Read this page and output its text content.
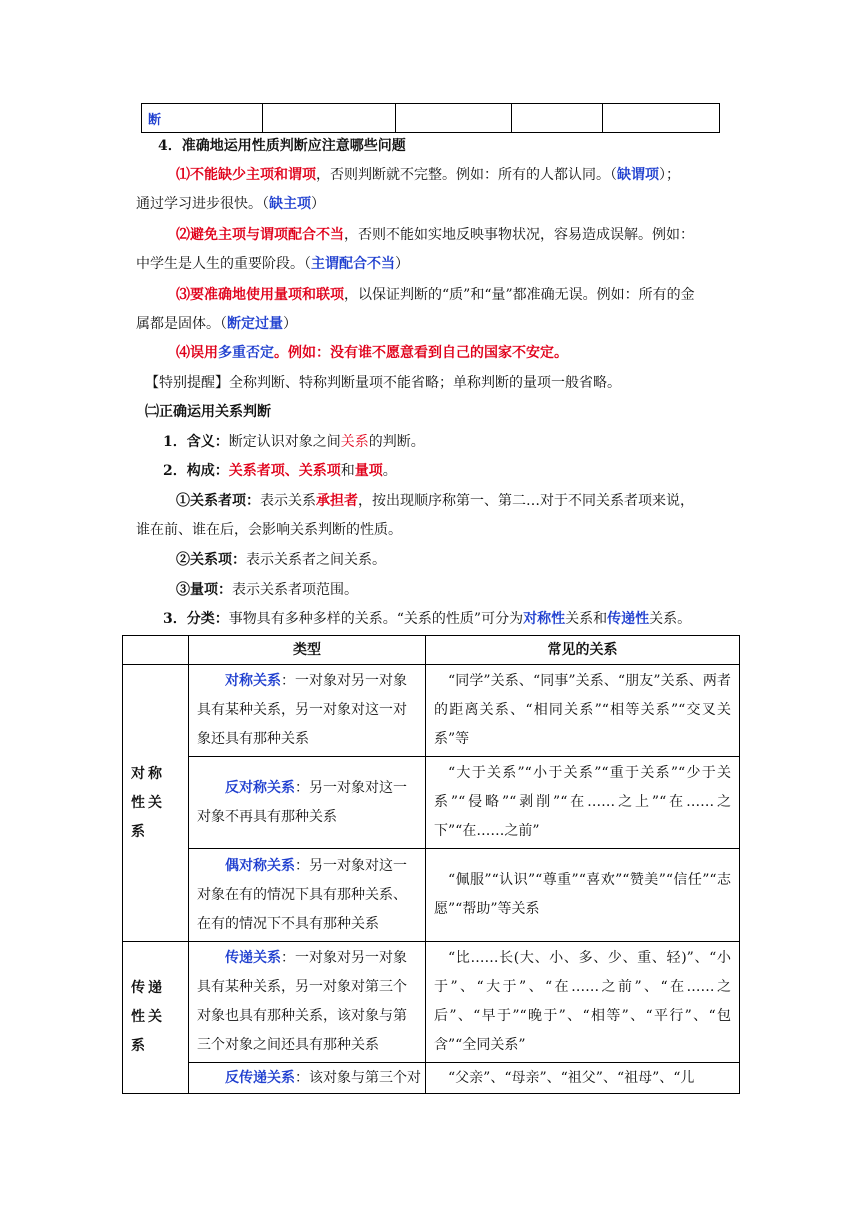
断				
4．准确地运用性质判断应注意哪些问题
⑴不能缺少主项和谓项，否则判断就不完整。例如：所有的人都认同。（缺谓项）；
通过学习进步很快。（缺主项）
⑵避免主项与谓项配合不当，否则不能如实地反映事物状况，容易造成误解。例如：
中学生是人生的重要阶段。（主谓配合不当）
⑶要准确地使用量项和联项，以保证判断的“质”和“量”都准确无误。例如：所有的金
属都是固体。（断定过量）
⑷误用多重否定。例如：没有谁不愿意看到自己的国家不安定。
【特别提醒】全称判断、特称判断量项不能省略；单称判断的量项一般省略。
㈡正确运用关系判断
1．含义：断定认识对象之间关系的判断。
2．构成：关系者项、关系项和量项。
①关系者项：表示关系承担者，按出现顺序称第一、第二…对于不同关系者项来说，
谁在前、谁在后，会影响关系判断的性质。
②关系项：表示关系者之间关系。
③量项：表示关系者项范围。
3．分类：事物具有多种多样的关系。“关系的性质”可分为对称性关系和传递性关系。
	类型	常见的关系
对称性关系	对称关系：一对象对另一对象具有某种关系，另一对象对这一对象还具有那种关系	“同学”关系、“同事”关系、“朋友”关系、两者的距离关系、“相同关系”“相等关系”“交叉关系”等
	反对称关系：另一对象对这一对象不再具有那种关系	“大于关系”“小于关系”“重于关系”“少于关系”“侵略”“剥削”“在……之上”“在……之下”“在……之前”
	偶对称关系：另一对象对这一对象在有的情况下具有那种关系、在有的情况下不具有那种关系	“佩服”“认识”“尊重”“喜欢”“赞美”“信任”“志愿”“帮助”等关系
传递性关系	传递关系：一对象对另一对象具有某种关系，另一对象对第三个对象也具有那种关系，该对象与第三个对象之间还具有那种关系	“比……长(大、小、多、少、重、轻)”、“小于”、“大于”、“在……之前”、“在……之后”、“早于”“晚于”、“相等”、“平行”、“包含”“全同关系”
	反传递关系：该对象与第三个对	“父亲”、“母亲”、“祖父”、“祖母”、“儿
